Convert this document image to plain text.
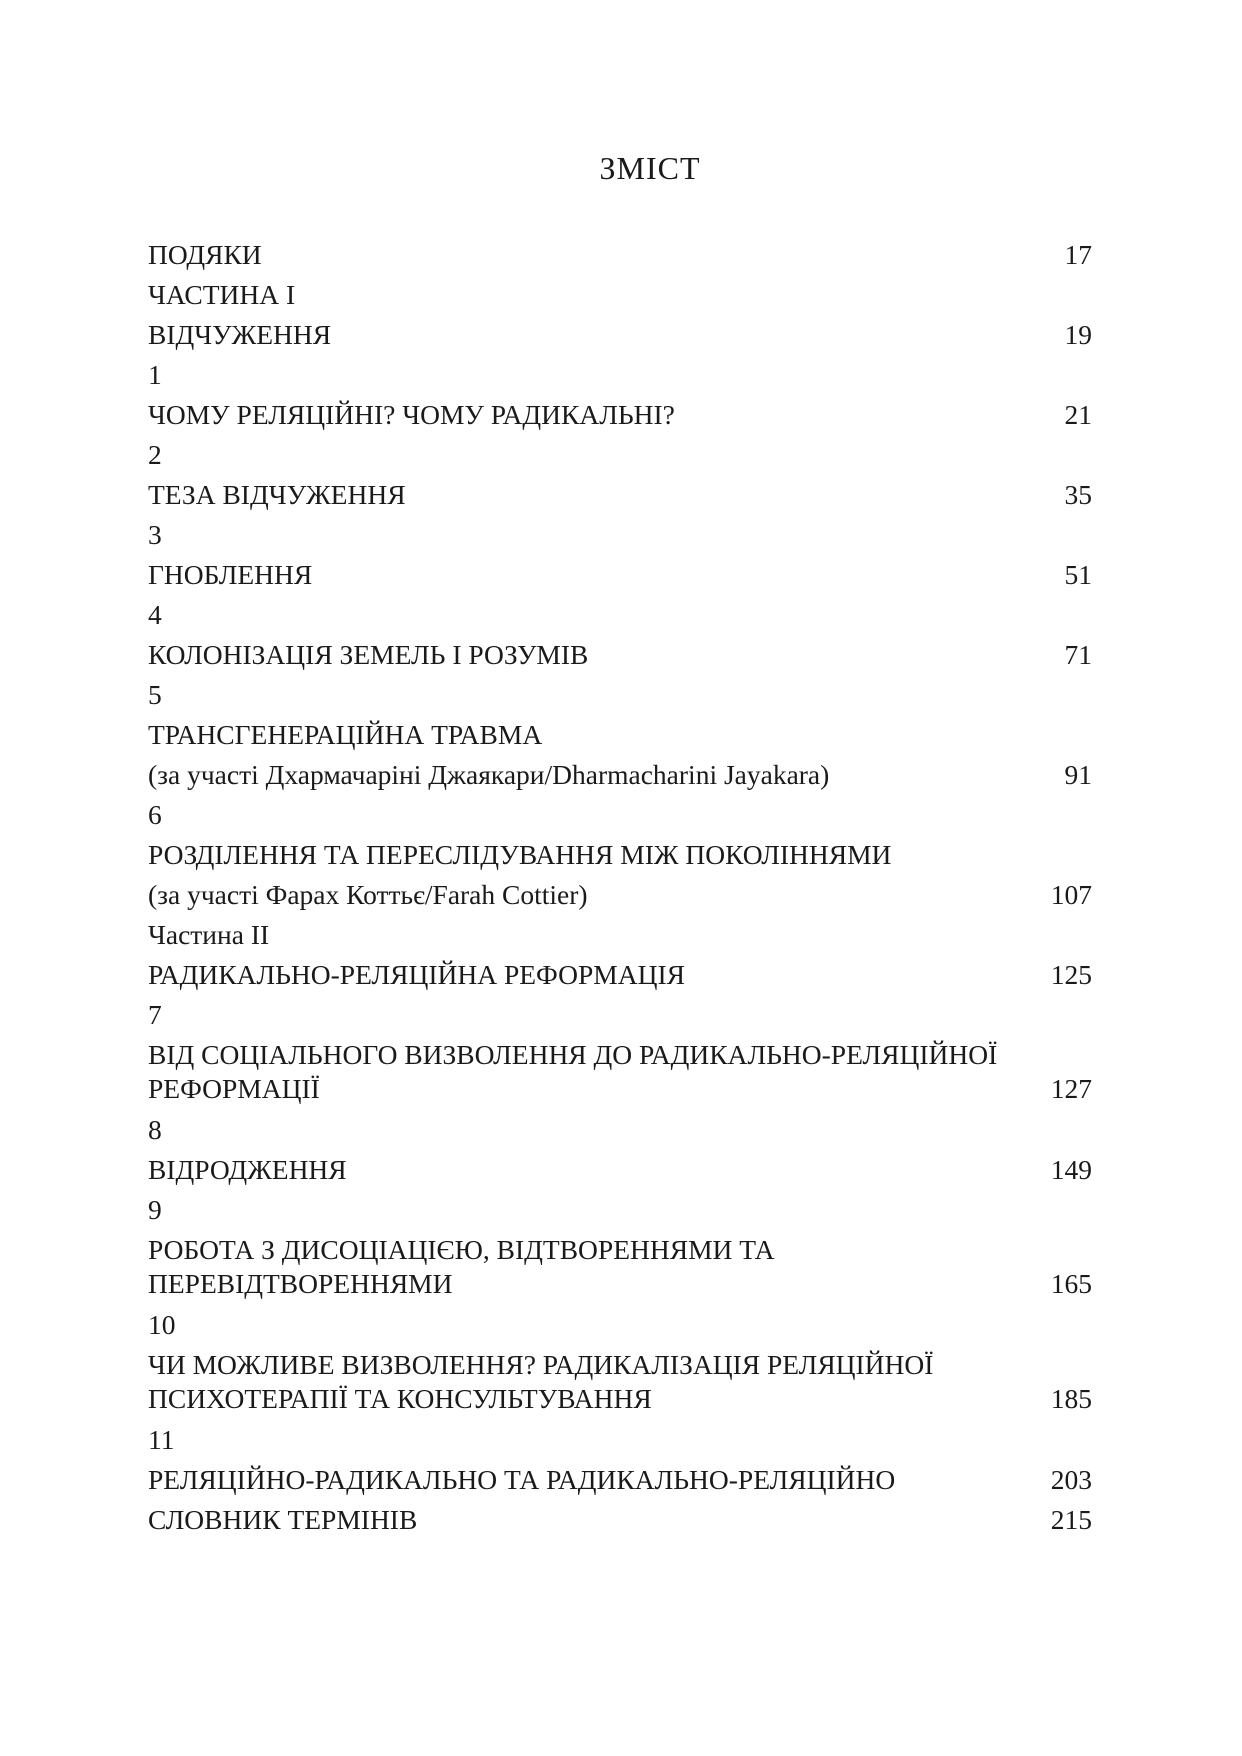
ЗМІСТ
ПОДЯКИ	17
ЧАСТИНА І
ВІДЧУЖЕННЯ	19
1
ЧОМУ РЕЛЯЦІЙНІ? ЧОМУ РАДИКАЛЬНІ?	21
2
ТЕЗА ВІДЧУЖЕННЯ	35
3
ГНОБЛЕННЯ	51
4
КОЛОНІЗАЦІЯ ЗЕМЕЛЬ І РОЗУМІВ	71
5
ТРАНСГЕНЕРАЦІЙНА ТРАВМА
(за участі Дхармачаріні Джаякари/Dharmacharini Jayakara)	91
6
РОЗДІЛЕННЯ ТА ПЕРЕСЛІДУВАННЯ МІЖ ПОКОЛІННЯМИ
(за участі Фарах Коттьє/Farah Cottier)	107
Частина ІІ
РАДИКАЛЬНО-РЕЛЯЦІЙНА РЕФОРМАЦІЯ	125
7
ВІД СОЦІАЛЬНОГО ВИЗВОЛЕННЯ ДО РАДИКАЛЬНО-РЕЛЯЦІЙНОЇ РЕФОРМАЦІЇ	127
8
ВІДРОДЖЕННЯ	149
9
РОБОТА З ДИСОЦІАЦІЄЮ, ВІДТВОРЕННЯМИ ТА ПЕРЕВІДТВОРЕННЯМИ	165
10
ЧИ МОЖЛИВЕ ВИЗВОЛЕННЯ? РАДИКАЛІЗАЦІЯ РЕЛЯЦІЙНОЇ ПСИХОТЕРАПІЇ ТА КОНСУЛЬТУВАННЯ	185
11
РЕЛЯЦІЙНО-РАДИКАЛЬНО ТА РАДИКАЛЬНО-РЕЛЯЦІЙНО	203
СЛОВНИК ТЕРМІНІВ	215
